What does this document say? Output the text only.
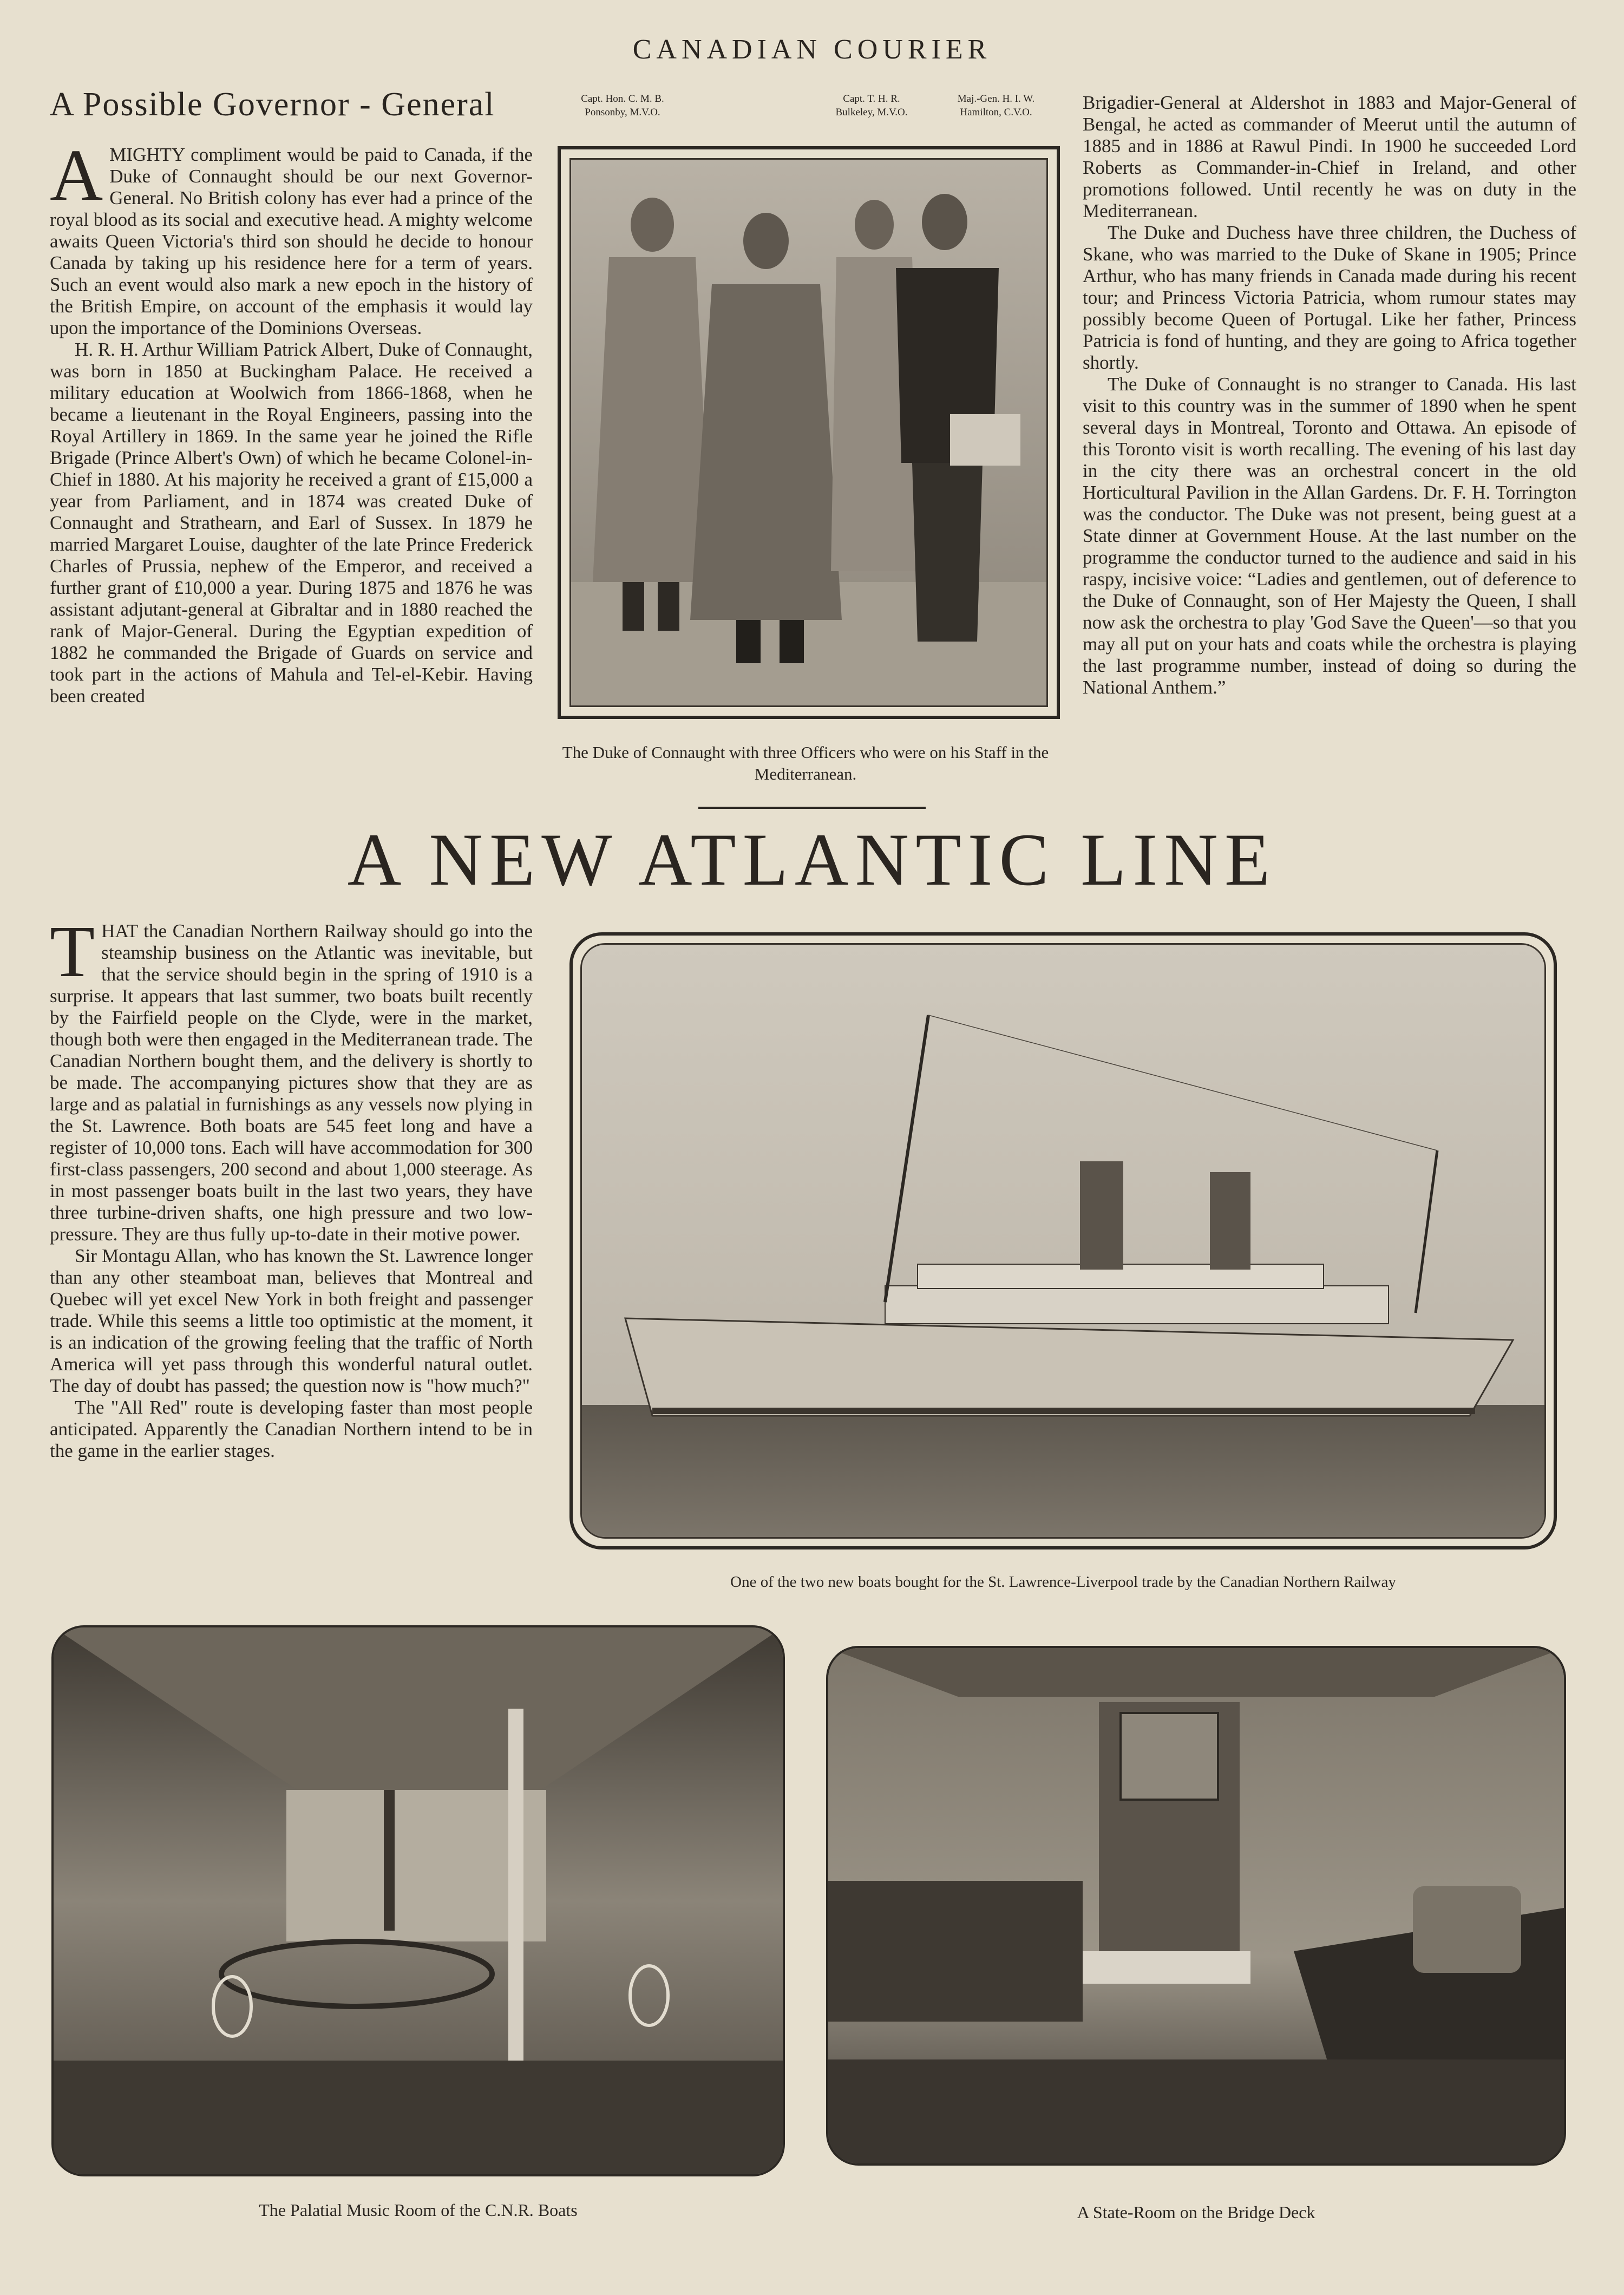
CANADIAN COURIER
A Possible Governor - General

AMIGHTY compliment would be paid to Canada, if the Duke of Connaught should be our next Governor-General. No British colony has ever had a prince of the royal blood as its social and executive head. A mighty welcome awaits Queen Victoria's third son should he decide to honour Canada by taking up his residence here for a term of years. Such an event would also mark a new epoch in the history of the British Empire, on account of the emphasis it would lay upon the importance of the Dominions Overseas.

H. R. H. Arthur William Patrick Albert, Duke of Connaught, was born in 1850 at Buckingham Palace. He received a military education at Woolwich from 1866-1868, when he became a lieutenant in the Royal Engineers, passing into the Royal Artillery in 1869. In the same year he joined the Rifle Brigade (Prince Albert's Own) of which he became Colonel-in-Chief in 1880. At his majority he received a grant of £15,000 a year from Parliament, and in 1874 was created Duke of Connaught and Strathearn, and Earl of Sussex. In 1879 he married Margaret Louise, daughter of the late Prince Frederick Charles of Prussia, nephew of the Emperor, and received a further grant of £10,000 a year. During 1875 and 1876 he was assistant adjutant-general at Gibraltar and in 1880 reached the rank of Major-General. During the Egyptian expedition of 1882 he commanded the Brigade of Guards on service and took part in the actions of Mahula and Tel-el-Kebir. Having been created

Capt. Hon. C. M. B.
Ponsonby, M.V.O.
Capt. T. H. R.
Bulkeley, M.V.O.
Maj.-Gen. H. I. W.
Hamilton, C.V.O.
The Duke of Connaught with three Officers who were on his Staff in the Mediterranean.

Brigadier-General at Aldershot in 1883 and Major-General of Bengal, he acted as commander of Meerut until the autumn of 1885 and in 1886 at Rawul Pindi. In 1900 he succeeded Lord Roberts as Commander-in-Chief in Ireland, and other promotions followed. Until recently he was on duty in the Mediterranean.

The Duke and Duchess have three children, the Duchess of Skane, who was married to the Duke of Skane in 1905; Prince Arthur, who has many friends in Canada made during his recent tour; and Princess Victoria Patricia, whom rumour states may possibly become Queen of Portugal. Like her father, Princess Patricia is fond of hunting, and they are going to Africa together shortly.

The Duke of Connaught is no stranger to Canada. His last visit to this country was in the summer of 1890 when he spent several days in Montreal, Toronto and Ottawa. An episode of this Toronto visit is worth recalling. The evening of his last day in the city there was an orchestral concert in the old Horticultural Pavilion in the Allan Gardens. Dr. F. H. Torrington was the conductor. The Duke was not present, being guest at a State dinner at Government House. At the last number on the programme the conductor turned to the audience and said in his raspy, incisive voice: “Ladies and gentlemen, out of deference to the Duke of Connaught, son of Her Majesty the Queen, I shall now ask the orchestra to play 'God Save the Queen'—so that you may all put on your hats and coats while the orchestra is playing the last programme number, instead of doing so during the National Anthem.”

A NEW ATLANTIC LINE

THAT the Canadian Northern Railway should go into the steamship business on the Atlantic was inevitable, but that the service should begin in the spring of 1910 is a surprise. It appears that last summer, two boats built recently by the Fairfield people on the Clyde, were in the market, though both were then engaged in the Mediterranean trade. The Canadian Northern bought them, and the delivery is shortly to be made. The accompanying pictures show that they are as large and as palatial in furnishings as any vessels now plying in the St. Lawrence. Both boats are 545 feet long and have a register of 10,000 tons. Each will have accommodation for 300 first-class passengers, 200 second and about 1,000 steerage. As in most passenger boats built in the last two years, they have three turbine-driven shafts, one high pressure and two low-pressure. They are thus fully up-to-date in their motive power.

Sir Montagu Allan, who has known the St. Lawrence longer than any other steamboat man, believes that Montreal and Quebec will yet excel New York in both freight and passenger trade. While this seems a little too optimistic at the moment, it is an indication of the growing feeling that the traffic of North America will yet pass through this wonderful natural outlet. The day of doubt has passed; the question now is "how much?"

The "All Red" route is developing faster than most people anticipated. Apparently the Canadian Northern intend to be in the game in the earlier stages.

One of the two new boats bought for the St. Lawrence-Liverpool trade by the Canadian Northern Railway
The Palatial Music Room of the C.N.R. Boats	A State-Room on the Bridge Deck
